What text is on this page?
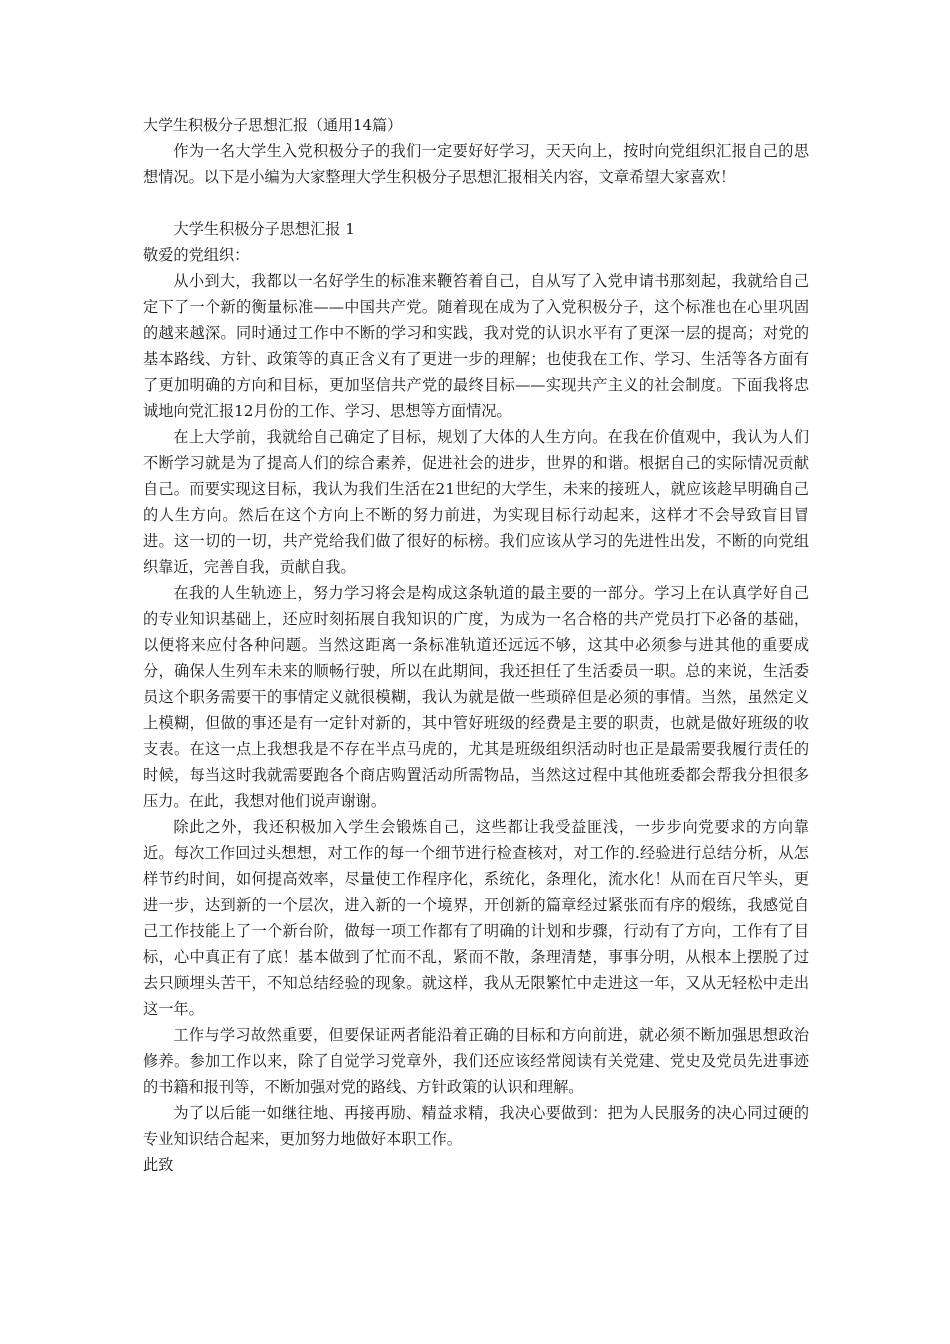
大学生积极分子思想汇报（通用14篇）

作为一名大学生入党积极分子的我们一定要好好学习，天天向上，按时向党组织汇报自己的思想情况。以下是小编为大家整理大学生积极分子思想汇报相关内容，文章希望大家喜欢！

大学生积极分子思想汇报 1

敬爱的党组织：

从小到大，我都以一名好学生的标准来鞭笞着自己，自从写了入党申请书那刻起，我就给自己定下了一个新的衡量标准——中国共产党。随着现在成为了入党积极分子，这个标准也在心里巩固的越来越深。同时通过工作中不断的学习和实践，我对党的认识水平有了更深一层的提高；对党的基本路线、方针、政策等的真正含义有了更进一步的理解；也使我在工作、学习、生活等各方面有了更加明确的方向和目标，更加坚信共产党的最终目标——实现共产主义的社会制度。下面我将忠诚地向党汇报12月份的工作、学习、思想等方面情况。

在上大学前，我就给自己确定了目标，规划了大体的人生方向。在我在价值观中，我认为人们不断学习就是为了提高人们的综合素养，促进社会的进步，世界的和谐。根据自己的实际情况贡献自己。而要实现这目标，我认为我们生活在21世纪的大学生，未来的接班人，就应该趁早明确自己的人生方向。然后在这个方向上不断的努力前进，为实现目标行动起来，这样才不会导致盲目冒进。这一切的一切，共产党给我们做了很好的标榜。我们应该从学习的先进性出发，不断的向党组织靠近，完善自我，贡献自我。

在我的人生轨迹上，努力学习将会是构成这条轨道的最主要的一部分。学习上在认真学好自己的专业知识基础上，还应时刻拓展自我知识的广度，为成为一名合格的共产党员打下必备的基础，以便将来应付各种问题。当然这距离一条标准轨道还远远不够，这其中必须参与进其他的重要成分，确保人生列车未来的顺畅行驶，所以在此期间，我还担任了生活委员一职。总的来说，生活委员这个职务需要干的事情定义就很模糊，我认为就是做一些琐碎但是必须的事情。当然，虽然定义上模糊，但做的事还是有一定针对新的，其中管好班级的经费是主要的职责，也就是做好班级的收支表。在这一点上我想我是不存在半点马虎的，尤其是班级组织活动时也正是最需要我履行责任的时候，每当这时我就需要跑各个商店购置活动所需物品，当然这过程中其他班委都会帮我分担很多压力。在此，我想对他们说声谢谢。

除此之外，我还积极加入学生会锻炼自己，这些都让我受益匪浅，一步步向党要求的方向靠近。每次工作回过头想想，对工作的每一个细节进行检查核对，对工作的.经验进行总结分析，从怎样节约时间，如何提高效率，尽量使工作程序化，系统化，条理化，流水化！从而在百尺竿头，更进一步，达到新的一个层次，进入新的一个境界，开创新的篇章经过紧张而有序的煅练，我感觉自己工作技能上了一个新台阶，做每一项工作都有了明确的计划和步骤，行动有了方向，工作有了目标，心中真正有了底！基本做到了忙而不乱，紧而不散，条理清楚，事事分明，从根本上摆脱了过去只顾埋头苦干，不知总结经验的现象。就这样，我从无限繁忙中走进这一年，又从无轻松中走出这一年。

工作与学习故然重要，但要保证两者能沿着正确的目标和方向前进，就必须不断加强思想政治修养。参加工作以来，除了自觉学习党章外，我们还应该经常阅读有关党建、党史及党员先进事迹的书籍和报刊等，不断加强对党的路线、方针政策的认识和理解。

为了以后能一如继往地、再接再励、精益求精，我决心要做到：把为人民服务的决心同过硬的专业知识结合起来，更加努力地做好本职工作。

此致
